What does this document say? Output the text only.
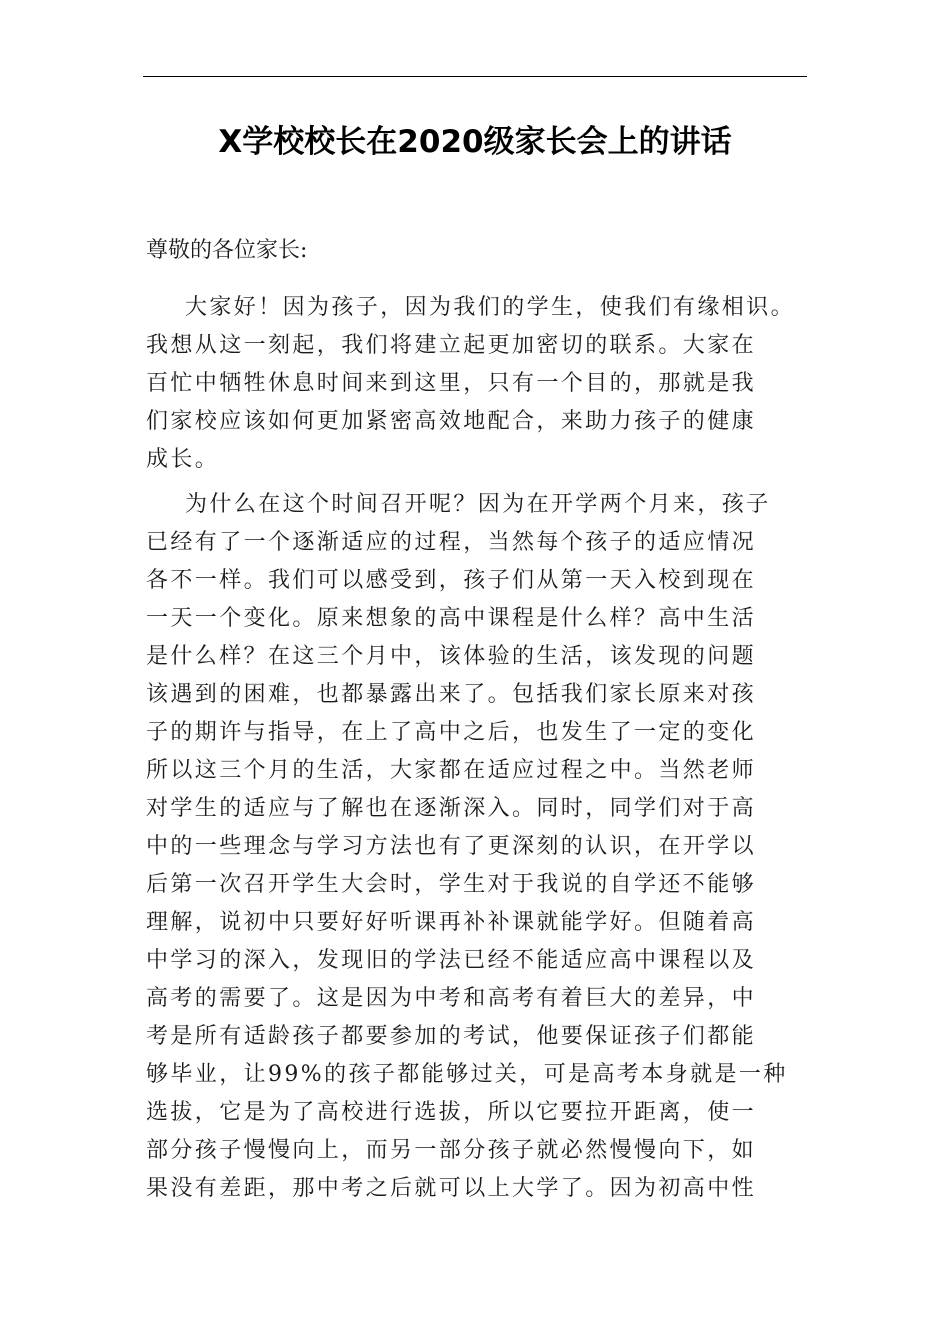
X学校校长在2020级家长会上的讲话

尊敬的各位家长:

大家好！因为孩子，因为我们的学生，使我们有缘相识。
我想从这一刻起，我们将建立起更加密切的联系。大家在
百忙中牺牲休息时间来到这里，只有一个目的，那就是我
们家校应该如何更加紧密高效地配合，来助力孩子的健康
成长。

为什么在这个时间召开呢？因为在开学两个月来，孩子
已经有了一个逐渐适应的过程，当然每个孩子的适应情况
各不一样。我们可以感受到，孩子们从第一天入校到现在
一天一个变化。原来想象的高中课程是什么样？高中生活
是什么样？在这三个月中，该体验的生活，该发现的问题
该遇到的困难，也都暴露出来了。包括我们家长原来对孩
子的期许与指导，在上了高中之后，也发生了一定的变化
所以这三个月的生活，大家都在适应过程之中。当然老师
对学生的适应与了解也在逐渐深入。同时，同学们对于高
中的一些理念与学习方法也有了更深刻的认识，在开学以
后第一次召开学生大会时，学生对于我说的自学还不能够
理解，说初中只要好好听课再补补课就能学好。但随着高
中学习的深入，发现旧的学法已经不能适应高中课程以及
高考的需要了。这是因为中考和高考有着巨大的差异，中
考是所有适龄孩子都要参加的考试，他要保证孩子们都能
够毕业，让99%的孩子都能够过关，可是高考本身就是一种
选拔，它是为了高校进行选拔，所以它要拉开距离，使一
部分孩子慢慢向上，而另一部分孩子就必然慢慢向下，如
果没有差距，那中考之后就可以上大学了。因为初高中性
